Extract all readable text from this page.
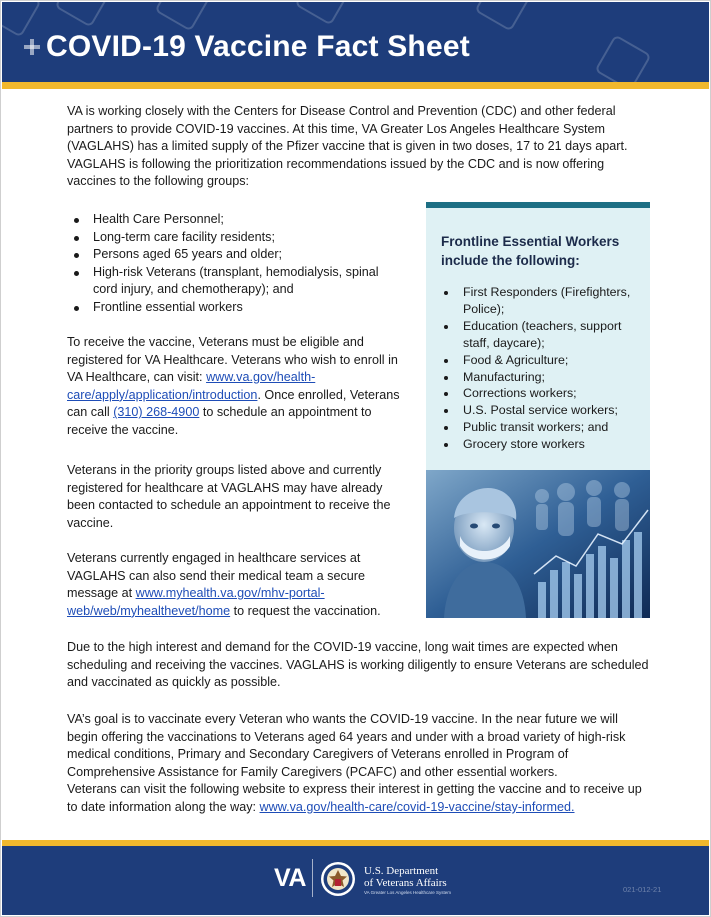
COVID-19 Vaccine Fact Sheet

VA is working closely with the Centers for Disease Control and Prevention (CDC) and other federal partners to provide COVID-19 vaccines. At this time, VA Greater Los Angeles Healthcare System (VAGLAHS) has a limited supply of the Pfizer vaccine that is given in two doses, 17 to 21 days apart. VAGLAHS is following the prioritization recommendations issued by the CDC and is now offering vaccines to the following groups:

Health Care Personnel;
Long-term care facility residents;
Persons aged 65 years and older;
High-risk Veterans (transplant, hemodialysis, spinal cord injury, and chemotherapy); and
Frontline essential workers

To receive the vaccine, Veterans must be eligible and registered for VA Healthcare. Veterans who wish to enroll in VA Healthcare, can visit: www.va.gov/health-care/apply/application/introduction. Once enrolled, Veterans can call (310) 268-4900 to schedule an appointment to receive the vaccine.

Veterans in the priority groups listed above and currently registered for healthcare at VAGLAHS may have already been contacted to schedule an appointment to receive the vaccine.

Veterans currently engaged in healthcare services at VAGLAHS can also send their medical team a secure message at www.myhealth.va.gov/mhv-portal-web/web/myhealthevet/home to request the vaccination.

Frontline Essential Workers include the following:
First Responders (Firefighters, Police);
Education (teachers, support staff, daycare);
Food & Agriculture;
Manufacturing;
Corrections workers;
U.S. Postal service workers;
Public transit workers; and
Grocery store workers

Due to the high interest and demand for the COVID-19 vaccine, long wait times are expected when scheduling and receiving the vaccines. VAGLAHS is working diligently to ensure Veterans are scheduled and vaccinated as quickly as possible.

VA’s goal is to vaccinate every Veteran who wants the COVID-19 vaccine. In the near future we will begin offering the vaccinations to Veterans aged 64 years and under with a broad variety of high-risk medical conditions, Primary and Secondary Caregivers of Veterans enrolled in Program of Comprehensive Assistance for Family Caregivers (PCAFC) and other essential workers.
Veterans can visit the following website to express their interest in getting the vaccine and to receive up to date information along the way: www.va.gov/health-care/covid-19-vaccine/stay-informed.

VA	U.S. Department
of Veterans Affairs
VA Greater Los Angeles Healthcare System	021-012-21
